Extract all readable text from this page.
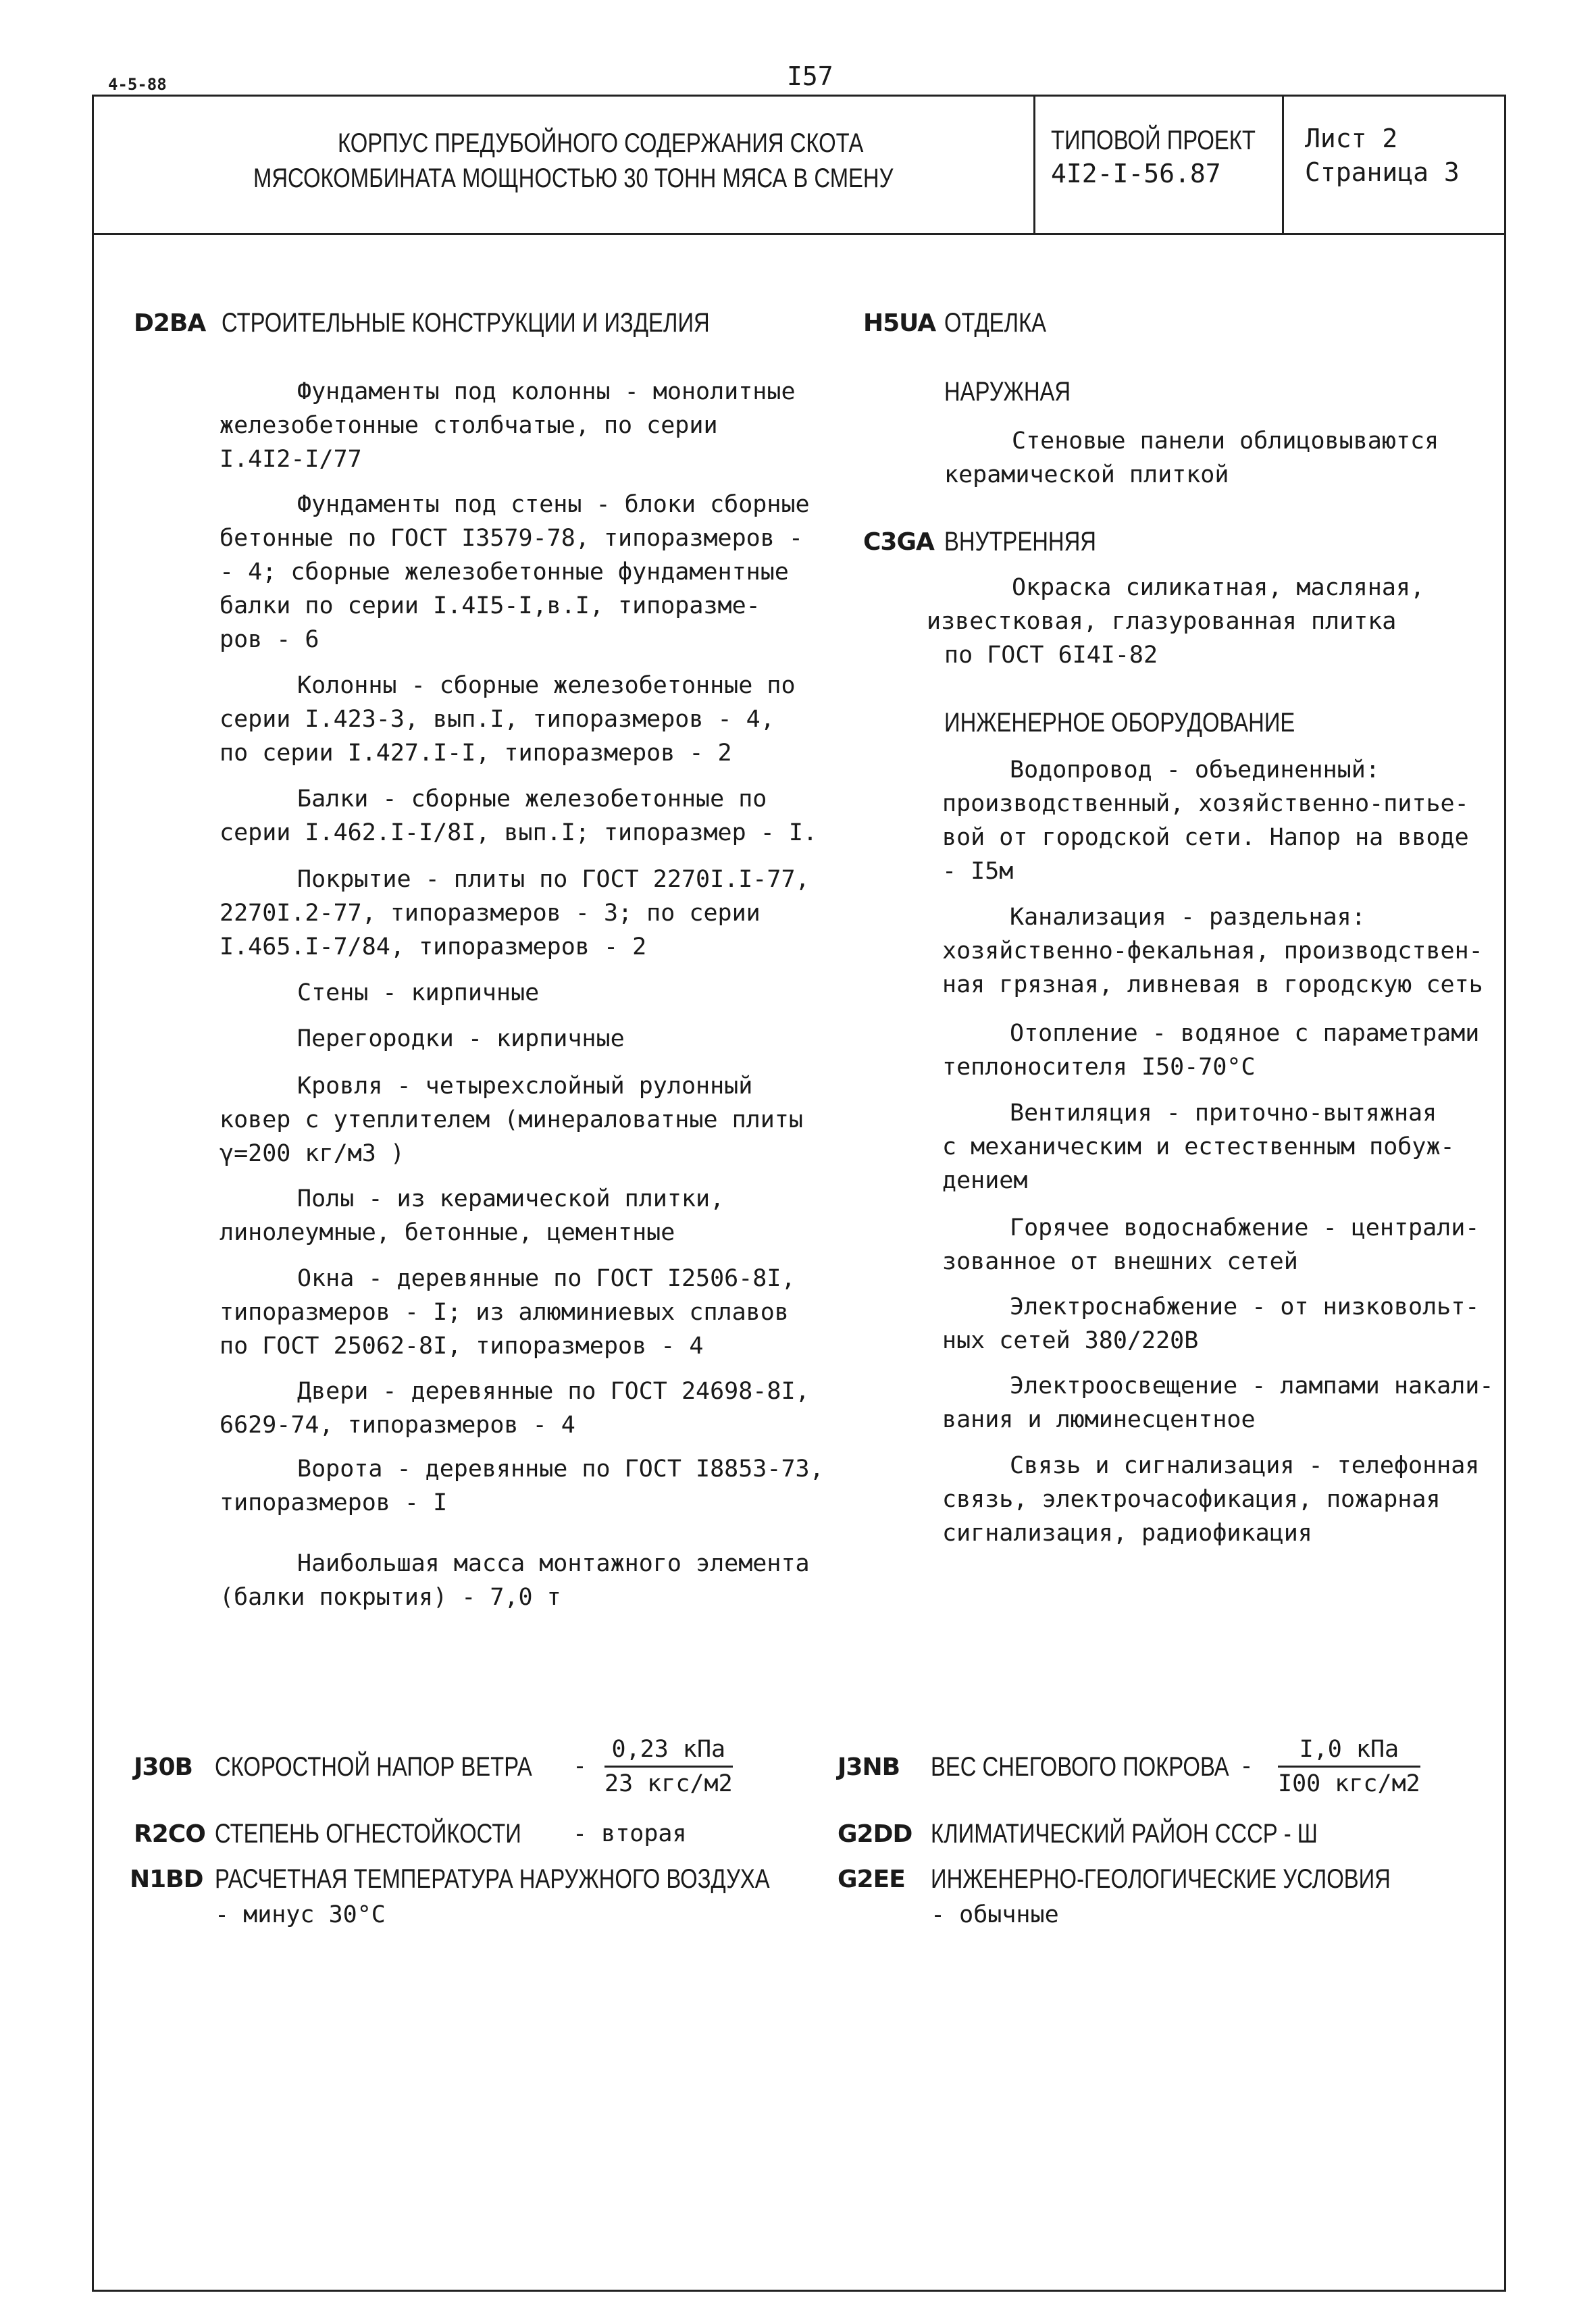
4-5-88	I57
КОРПУС ПРЕДУБОЙНОГО СОДЕРЖАНИЯ СКОТА
МЯСОКОМБИНАТА МОЩНОСТЬЮ 30 ТОНН МЯСА В СМЕНУ
ТИПОВОЙ ПРОЕКТ
4I2-I-56.87
Лист 2
Страница 3
D2BA СТРОИТЕЛЬНЫЕ КОНСТРУКЦИИ И ИЗДЕЛИЯ
Фундаменты под колонны - монолитные
железобетонные столбчатые, по серии
I.4I2-I/77
Фундаменты под стены - блоки сборные
бетонные по ГОСТ I3579-78, типоразмеров -
- 4; сборные железобетонные фундаментные
балки по серии I.4I5-I,в.I, типоразме-
ров - 6
Колонны - сборные железобетонные по
серии I.423-3, вып.I, типоразмеров - 4,
по серии I.427.I-I, типоразмеров - 2
Балки - сборные железобетонные по
серии I.462.I-I/8I, вып.I; типоразмер - I.
Покрытие - плиты по ГОСТ 2270I.I-77,
2270I.2-77, типоразмеров - 3; по серии
I.465.I-7/84, типоразмеров - 2
Стены - кирпичные
Перегородки - кирпичные
Кровля - четырехслойный рулонный
ковер с утеплителем (минераловатные плиты
γ=200 кг/м3 )
Полы - из керамической плитки,
линолеумные, бетонные, цементные
Окна - деревянные по ГОСТ I2506-8I,
типоразмеров - I; из алюминиевых сплавов
по ГОСТ 25062-8I, типоразмеров - 4
Двери - деревянные по ГОСТ 24698-8I,
6629-74, типоразмеров - 4
Ворота - деревянные по ГОСТ I8853-73,
типоразмеров - I
Наибольшая масса монтажного элемента
(балки покрытия) - 7,0 т
H5UA ОТДЕЛКА
НАРУЖНАЯ
Стеновые панели облицовываются
керамической плиткой
C3GA ВНУТРЕННЯЯ
Окраска силикатная, масляная,
известковая, глазурованная плитка
по ГОСТ 6I4I-82
ИНЖЕНЕРНОЕ ОБОРУДОВАНИЕ
Водопровод - объединенный:
производственный, хозяйственно-питье-
вой от городской сети. Напор на вводе
- I5м
Канализация - раздельная:
хозяйственно-фекальная, производствен-
ная грязная, ливневая в городскую сеть
Отопление - водяное с параметрами
теплоносителя I50-70°С
Вентиляция - приточно-вытяжная
с механическим и естественным побуж-
дением
Горячее водоснабжение - централи-
зованное от внешних сетей
Электроснабжение - от низковольт-
ных сетей 380/220В
Электроосвещение - лампами накали-
вания и люминесцентное
Связь и сигнализация - телефонная
связь, электрочасофикация, пожарная
сигнализация, радиофикация
J30B СКОРОСТНОЙ НАПОР ВЕТРА -
0,23 кПа
23 кгс/м2
R2CO СТЕПЕНЬ ОГНЕСТОЙКОСТИ - вторая
N1BD РАСЧЕТНАЯ ТЕМПЕРАТУРА НАРУЖНОГО ВОЗДУХА
- минус 30°С
J3NB ВЕС СНЕГОВОГО ПОКРОВА -
I,0 кПа
I00 кгс/м2
G2DD КЛИМАТИЧЕСКИЙ РАЙОН СССР - Ш
G2EE ИНЖЕНЕРНО-ГЕОЛОГИЧЕСКИЕ УСЛОВИЯ
- обычные
